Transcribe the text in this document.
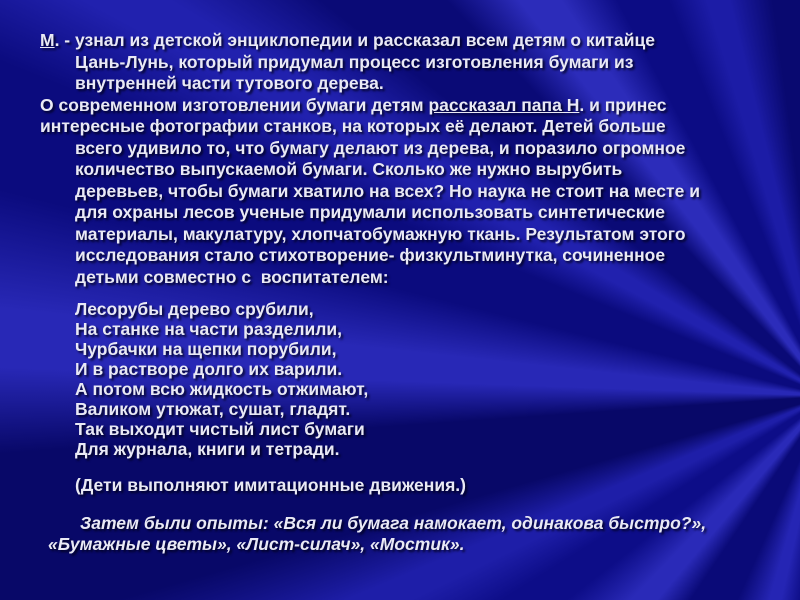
М. - узнал из детской энциклопедии и рассказал всем детям о китайце
Цань-Лунь, который придумал процесс изготовления бумаги из
внутренней части тутового дерева.
О современном изготовлении бумаги детям рассказал папа Н. и принес
интересные фотографии станков, на которых её делают. Детей больше
всего удивило то, что бумагу делают из дерева, и поразило огромное
количество выпускаемой бумаги. Сколько же нужно вырубить
деревьев, чтобы бумаги хватило на всех? Но наука не стоит на месте и
для охраны лесов ученые придумали использовать синтетические
материалы, макулатуру, хлопчатобумажную ткань. Результатом этого
исследования стало стихотворение- физкультминутка, сочиненное
детьми совместно с  воспитателем:
Лесорубы дерево срубили,
На станке на части разделили,
Чурбачки на щепки порубили,
И в растворе долго их варили.
А потом всю жидкость отжимают,
Валиком утюжат, сушат, гладят.
Так выходит чистый лист бумаги
Для журнала, книги и тетради.
(Дети выполняют имитационные движения.)
Затем были опыты: «Вся ли бумага намокает, одинакова быстро?»,
«Бумажные цветы», «Лист-силач», «Мостик».
